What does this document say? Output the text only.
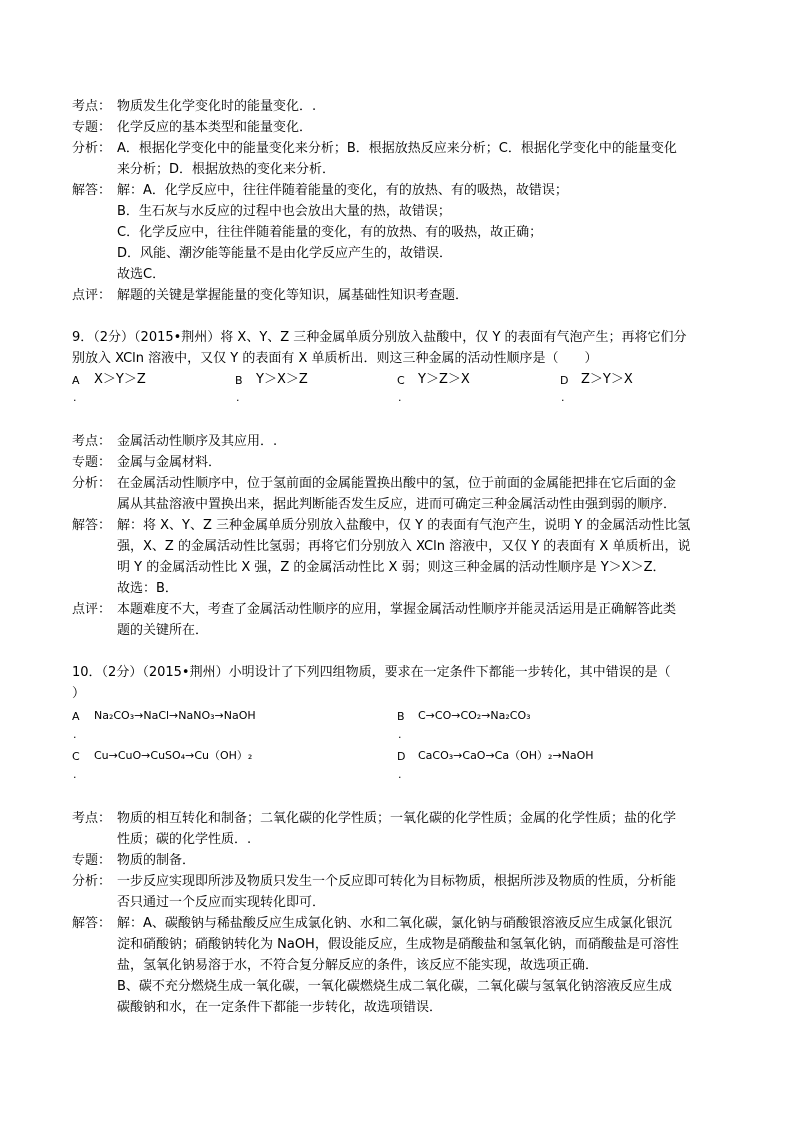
考点： 物质发生化学变化时的能量变化．.
专题： 化学反应的基本类型和能量变化．
分析： A．根据化学变化中的能量变化来分析；B．根据放热反应来分析；C．根据化学变化中的能量变化
来分析；D．根据放热的变化来分析．
解答： 解：A．化学反应中，往往伴随着能量的变化，有的放热、有的吸热，故错误；
B．生石灰与水反应的过程中也会放出大量的热，故错误；
C．化学反应中，往往伴随着能量的变化，有的放热、有的吸热，故正确；
D．风能、潮汐能等能量不是由化学反应产生的，故错误．
故选C．
点评： 解题的关键是掌握能量的变化等知识，属基础性知识考查题．
9．（2分）（2015•荆州）将 X、Y、Z 三种金属单质分别放入盐酸中，仅 Y 的表面有气泡产生；再将它们分
别放入 XCln 溶液中，又仅 Y 的表面有 X 单质析出．则这三种金属的活动性顺序是（　　）
A X＞Y＞Z
.
B Y＞X＞Z
.
C Y＞Z＞X
.
D Z＞Y＞X
.
考点： 金属活动性顺序及其应用．.
专题： 金属与金属材料．
分析： 在金属活动性顺序中，位于氢前面的金属能置换出酸中的氢，位于前面的金属能把排在它后面的金
属从其盐溶液中置换出来，据此判断能否发生反应，进而可确定三种金属活动性由强到弱的顺序．
解答： 解：将 X、Y、Z 三种金属单质分别放入盐酸中，仅 Y 的表面有气泡产生，说明 Y 的金属活动性比氢
强，X、Z 的金属活动性比氢弱；再将它们分别放入 XCln 溶液中，又仅 Y 的表面有 X 单质析出，说
明 Y 的金属活动性比 X 强，Z 的金属活动性比 X 弱；则这三种金属的活动性顺序是 Y＞X＞Z．
故选：B．
点评： 本题难度不大，考查了金属活动性顺序的应用，掌握金属活动性顺序并能灵活运用是正确解答此类
题的关键所在．
10．（2分）（2015•荆州）小明设计了下列四组物质，要求在一定条件下都能一步转化，其中错误的是（
）
A Na₂CO₃→NaCl→NaNO₃→NaOH
.
B C→CO→CO₂→Na₂CO₃
.
C Cu→CuO→CuSO₄→Cu（OH）₂
.
D CaCO₃→CaO→Ca（OH）₂→NaOH
.
考点： 物质的相互转化和制备；二氧化碳的化学性质；一氧化碳的化学性质；金属的化学性质；盐的化学
性质；碳的化学性质．.
专题： 物质的制备．
分析： 一步反应实现即所涉及物质只发生一个反应即可转化为目标物质，根据所涉及物质的性质，分析能
否只通过一个反应而实现转化即可．
解答： 解：A、碳酸钠与稀盐酸反应生成氯化钠、水和二氧化碳，氯化钠与硝酸银溶液反应生成氯化银沉
淀和硝酸钠；硝酸钠转化为 NaOH，假设能反应，生成物是硝酸盐和氢氧化钠，而硝酸盐是可溶性
盐，氢氧化钠易溶于水，不符合复分解反应的条件，该反应不能实现，故选项正确．
B、碳不充分燃烧生成一氧化碳，一氧化碳燃烧生成二氧化碳，二氧化碳与氢氧化钠溶液反应生成
碳酸钠和水，在一定条件下都能一步转化，故选项错误．
